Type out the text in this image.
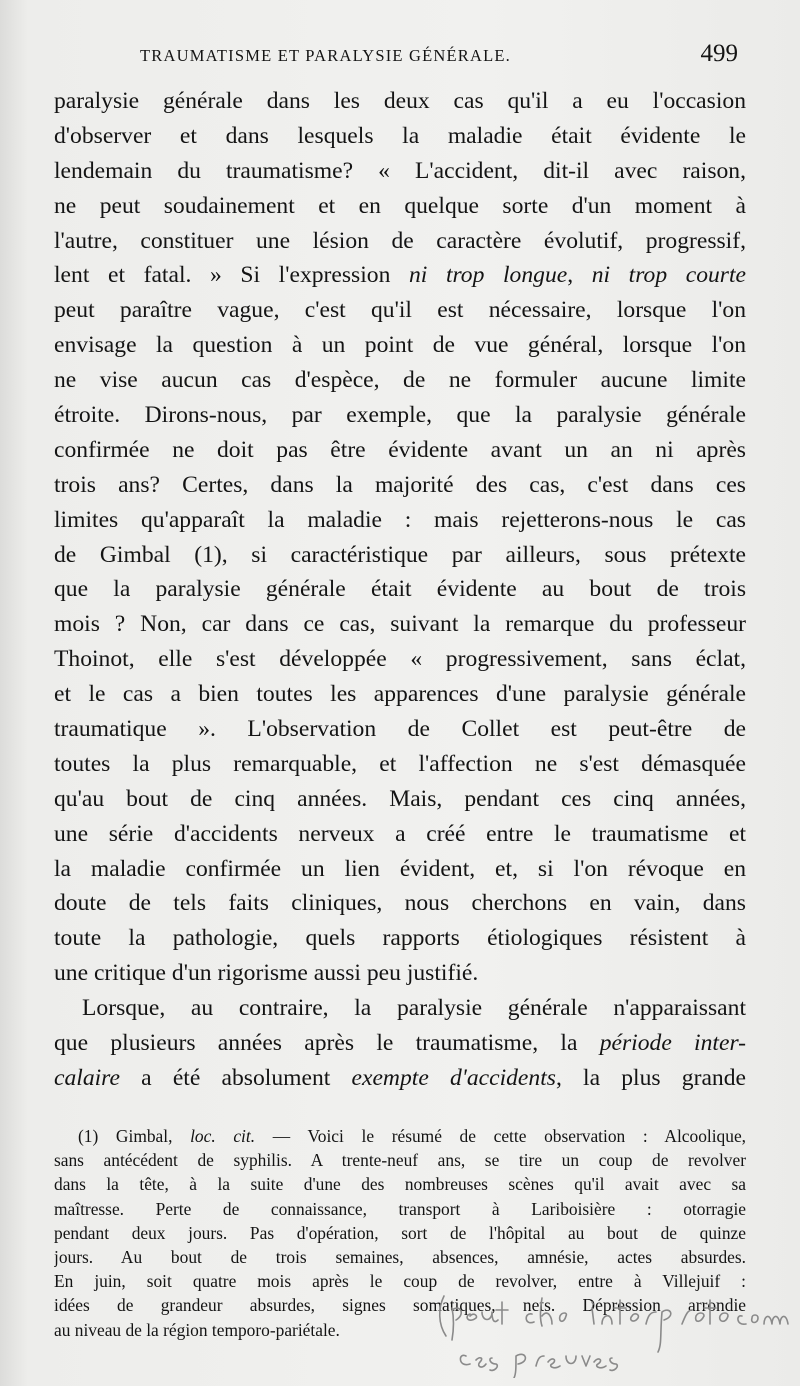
TRAUMATISME ET PARALYSIE GÉNÉRALE.	499
paralysie générale dans les deux cas qu'il a eu l'occasion
d'observer et dans lesquels la maladie était évidente le
lendemain du traumatisme? « L'accident, dit-il avec raison,
ne peut soudainement et en quelque sorte d'un moment à
l'autre, constituer une lésion de caractère évolutif, progressif,
lent et fatal. » Si l'expression ni trop longue, ni trop courte
peut paraître vague, c'est qu'il est nécessaire, lorsque l'on
envisage la question à un point de vue général, lorsque l'on
ne vise aucun cas d'espèce, de ne formuler aucune limite
étroite. Dirons-nous, par exemple, que la paralysie générale
confirmée ne doit pas être évidente avant un an ni après
trois ans? Certes, dans la majorité des cas, c'est dans ces
limites qu'apparaît la maladie : mais rejetterons-nous le cas
de Gimbal (1), si caractéristique par ailleurs, sous prétexte
que la paralysie générale était évidente au bout de trois
mois ? Non, car dans ce cas, suivant la remarque du professeur
Thoinot, elle s'est développée « progressivement, sans éclat,
et le cas a bien toutes les apparences d'une paralysie générale
traumatique ». L'observation de Collet est peut-être de
toutes la plus remarquable, et l'affection ne s'est démasquée
qu'au bout de cinq années. Mais, pendant ces cinq années,
une série d'accidents nerveux a créé entre le traumatisme et
la maladie confirmée un lien évident, et, si l'on révoque en
doute de tels faits cliniques, nous cherchons en vain, dans
toute la pathologie, quels rapports étiologiques résistent à
une critique d'un rigorisme aussi peu justifié.
Lorsque, au contraire, la paralysie générale n'apparaissant
que plusieurs années après le traumatisme, la période inter-
calaire a été absolument exempte d'accidents, la plus grande
(1) Gimbal, loc. cit. — Voici le résumé de cette observation : Alcoolique,
sans antécédent de syphilis. A trente-neuf ans, se tire un coup de revolver
dans la tête, à la suite d'une des nombreuses scènes qu'il avait avec sa
maîtresse. Perte de connaissance, transport à Lariboisière : otorragie
pendant deux jours. Pas d'opération, sort de l'hôpital au bout de quinze
jours. Au bout de trois semaines, absences, amnésie, actes absurdes.
En juin, soit quatre mois après le coup de revolver, entre à Villejuif :
idées de grandeur absurdes, signes somatiques, nets. Dépression arrondie
au niveau de la région temporo-pariétale.
